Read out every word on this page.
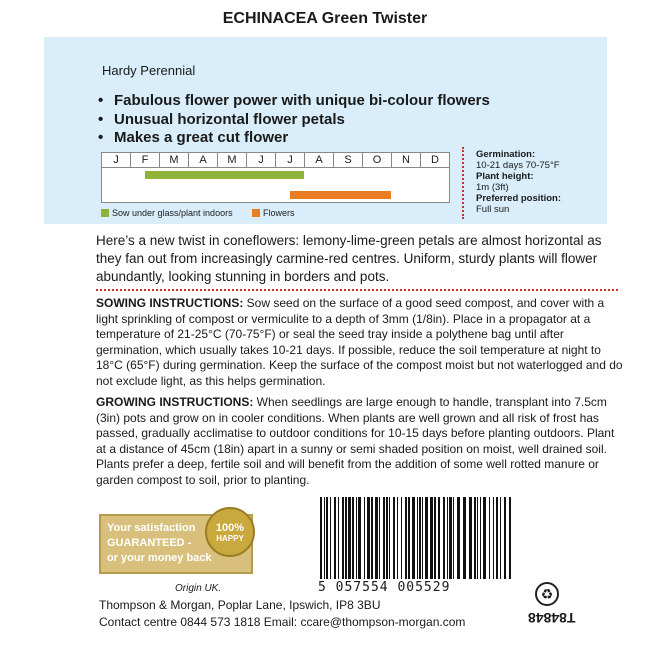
ECHINACEA Green Twister
Hardy Perennial
• Fabulous flower power with unique bi-colour flowers
• Unusual horizontal flower petals
• Makes a great cut flower
J	F	M	A	M	J	J	A	S	O	N	D
Sow under glass/plant indoors	Flowers
Germination:
10-21 days 70-75°F
Plant height:
1m (3ft)
Preferred position:
Full sun
Here’s a new twist in coneflowers: lemony-lime-green petals are almost horizontal as they fan out from increasingly carmine-red centres. Uniform, sturdy plants will flower abundantly, looking stunning in borders and pots.
SOWING INSTRUCTIONS: Sow seed on the surface of a good seed compost, and cover with a light sprinkling of compost or vermiculite to a depth of 3mm (1/8in). Place in a propagator at a temperature of 21-25°C (70-75°F) or seal the seed tray inside a polythene bag until after germination, which usually takes 10-21 days. If possible, reduce the soil temperature at night to 18°C (65°F) during germination. Keep the surface of the compost moist but not waterlogged and do not exclude light, as this helps germination.
GROWING INSTRUCTIONS: When seedlings are large enough to handle, transplant into 7.5cm (3in) pots and grow on in cooler conditions. When plants are well grown and all risk of frost has passed, gradually acclimatise to outdoor conditions for 10-15 days before planting outdoors. Plant at a distance of 45cm (18in) apart in a sunny or semi shaded position on moist, well drained soil. Plants prefer a deep, fertile soil and will benefit from the addition of some well rotted manure or garden compost to soil, prior to planting.
Your satisfaction
GUARANTEED -
or your money back
100%
HAPPY
Origin UK.
Thompson & Morgan, Poplar Lane, Ipswich, IP8 3BU
Contact centre 0844 573 1818 Email: ccare@thompson-morgan.com
5 057554 005529	♻
T84848
